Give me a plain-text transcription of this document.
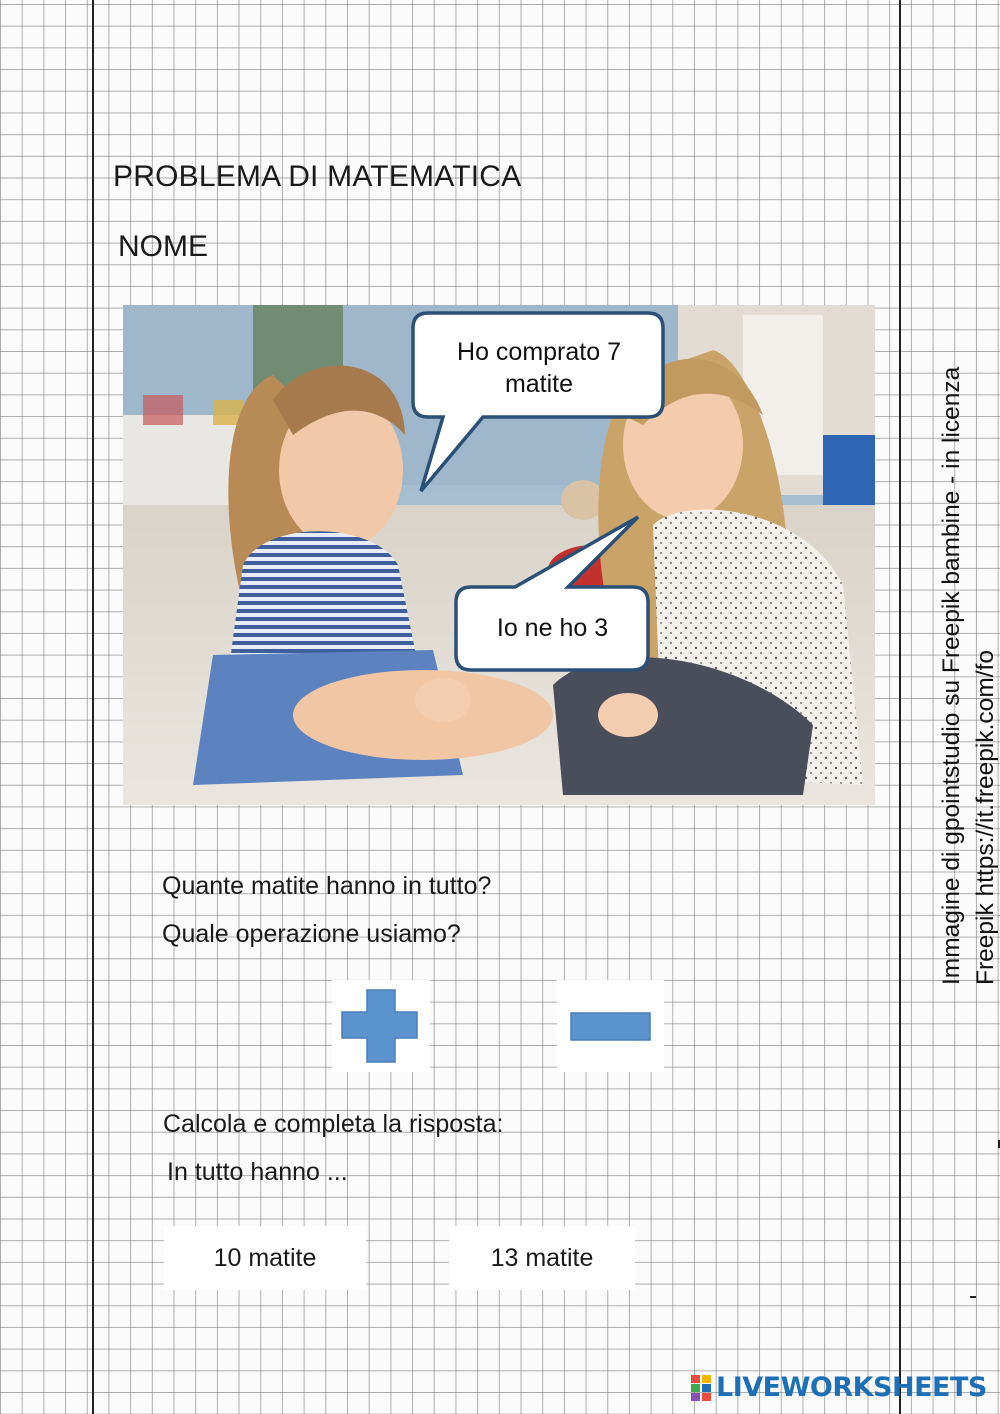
PROBLEMA DI MATEMATICA
NOME
Ho comprato 7 matite
Io ne ho 3
Quante matite hanno in tutto?
Quale operazione usiamo?
Calcola e completa la risposta:
In tutto hanno ...
10 matite	13 matite
Immagine di gpointstudio su Freepik bambine - in licenza Freepik https://it.freepik.com/fo
LIVEWORKSHEETS
